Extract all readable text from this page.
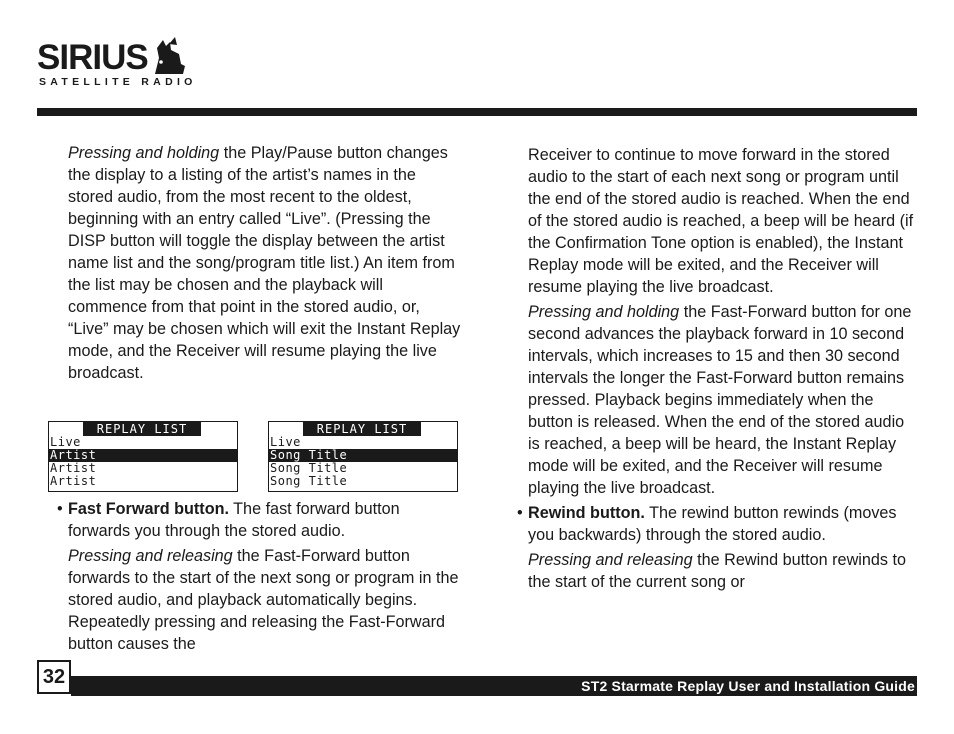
SIRIUS
SATELLITE RADIO

Pressing and holding the Play/Pause button changes the display to a listing of the artist’s names in the stored audio, from the most recent to the oldest, beginning with an entry called “Live”. (Pressing the DISP button will toggle the display between the artist name list and the song/program title list.) An item from the list may be chosen and the playback will commence from that point in the stored audio, or, “Live” may be chosen which will exit the Instant Replay mode, and the Receiver will resume playing the live broadcast.

REPLAY LIST
Live
Artist
Artist
Artist
REPLAY LIST
Live
Song Title
Song Title
Song Title

• Fast Forward button. The fast forward button forwards you through the stored audio.

Pressing and releasing the Fast-Forward button forwards to the start of the next song or program in the stored audio, and playback automatically begins. Repeatedly pressing and releasing the Fast-Forward button causes the

Receiver to continue to move forward in the stored audio to the start of each next song or program until the end of the stored audio is reached. When the end of the stored audio is reached, a beep will be heard (if the Confirmation Tone option is enabled), the Instant Replay mode will be exited, and the Receiver will resume playing the live broadcast.

Pressing and holding the Fast-Forward button for one second advances the playback forward in 10 second intervals, which increases to 15 and then 30 second intervals the longer the Fast-Forward button remains pressed. Playback begins immediately when the button is released. When the end of the stored audio is reached, a beep will be heard, the Instant Replay mode will be exited, and the Receiver will resume playing the live broadcast.

• Rewind button. The rewind button rewinds (moves you backwards) through the stored audio.

Pressing and releasing the Rewind button rewinds to the start of the current song or

32	ST2 Starmate Replay User and Installation Guide
